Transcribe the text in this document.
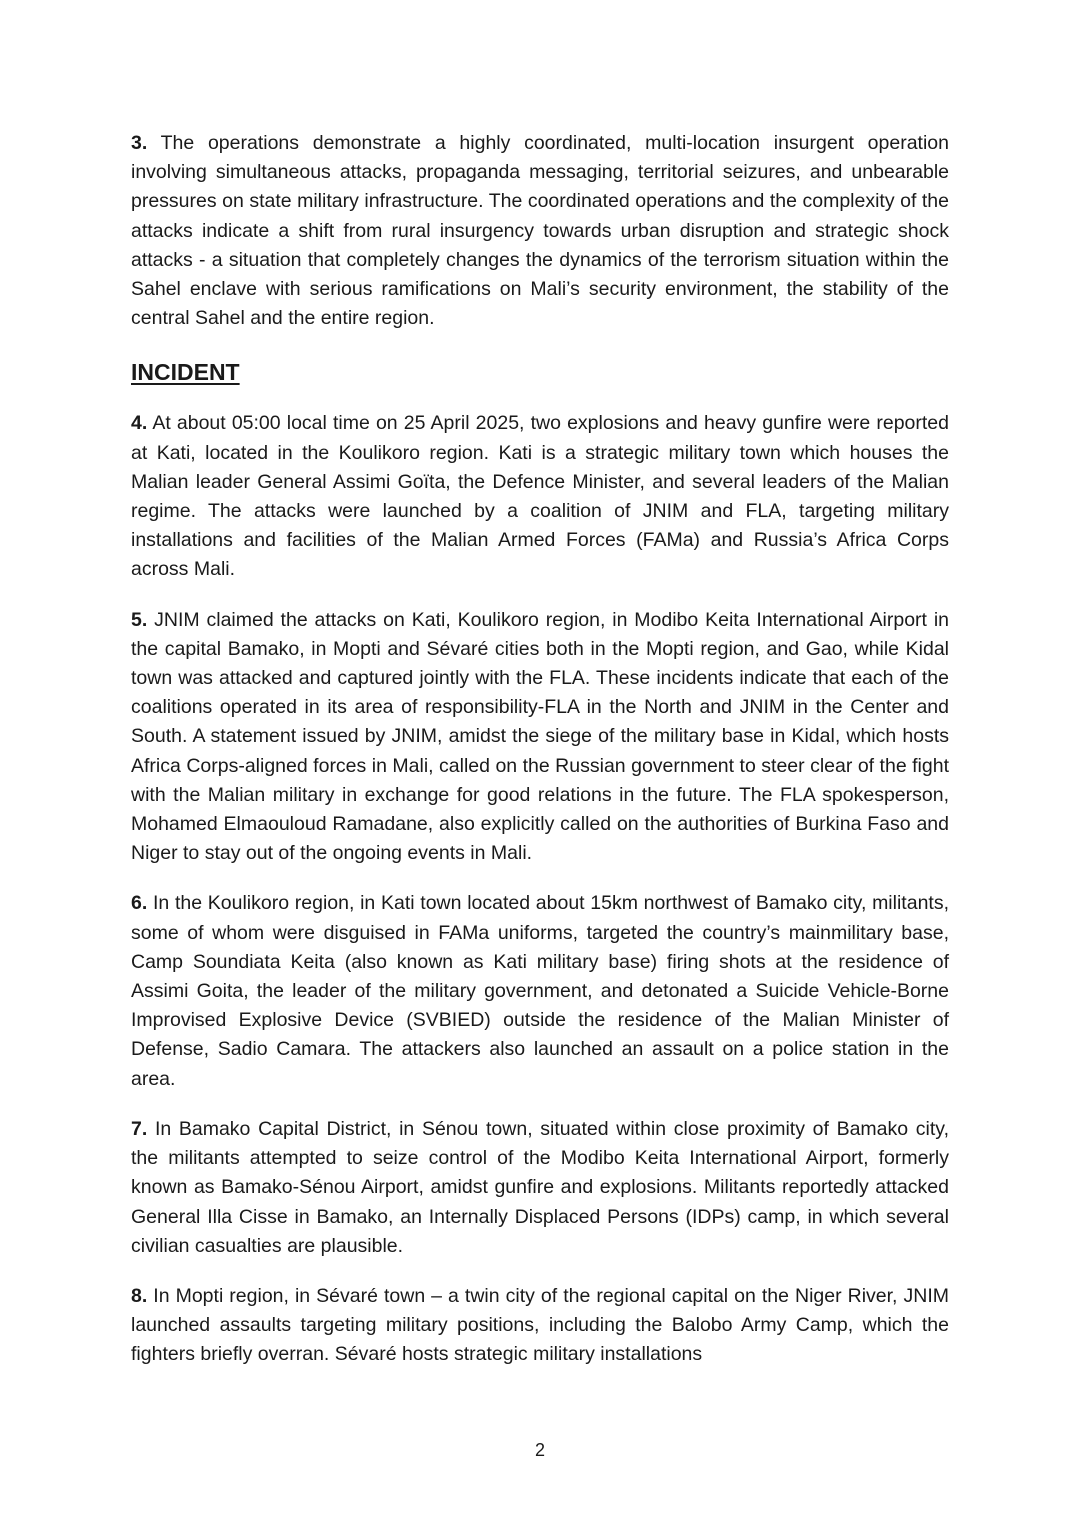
3. The operations demonstrate a highly coordinated, multi-location insurgent operation involving simultaneous attacks, propaganda messaging, territorial seizures, and unbearable pressures on state military infrastructure. The coordinated operations and the complexity of the attacks indicate a shift from rural insurgency towards urban disruption and strategic shock attacks - a situation that completely changes the dynamics of the terrorism situation within the Sahel enclave with serious ramifications on Mali’s security environment, the stability of the central Sahel and the entire region.

INCIDENT

4. At about 05:00 local time on 25 April 2025, two explosions and heavy gunfire were reported at Kati, located in the Koulikoro region. Kati is a strategic military town which houses the Malian leader General Assimi Goïta, the Defence Minister, and several leaders of the Malian regime. The attacks were launched by a coalition of JNIM and FLA, targeting military installations and facilities of the Malian Armed Forces (FAMa) and Russia’s Africa Corps across Mali.

5. JNIM claimed the attacks on Kati, Koulikoro region, in Modibo Keita International Airport in the capital Bamako, in Mopti and Sévaré cities both in the Mopti region, and Gao, while Kidal town was attacked and captured jointly with the FLA. These incidents indicate that each of the coalitions operated in its area of responsibility-FLA in the North and JNIM in the Center and South. A statement issued by JNIM, amidst the siege of the military base in Kidal, which hosts Africa Corps-aligned forces in Mali, called on the Russian government to steer clear of the fight with the Malian military in exchange for good relations in the future. The FLA spokesperson, Mohamed Elmaouloud Ramadane, also explicitly called on the authorities of Burkina Faso and Niger to stay out of the ongoing events in Mali.

6. In the Koulikoro region, in Kati town located about 15km northwest of Bamako city, militants, some of whom were disguised in FAMa uniforms, targeted the country’s mainmilitary base, Camp Soundiata Keita (also known as Kati military base) firing shots at the residence of Assimi Goita, the leader of the military government, and detonated a Suicide Vehicle-Borne Improvised Explosive Device (SVBIED) outside the residence of the Malian Minister of Defense, Sadio Camara. The attackers also launched an assault on a police station in the area.

7. In Bamako Capital District, in Sénou town, situated within close proximity of Bamako city, the militants attempted to seize control of the Modibo Keita International Airport, formerly known as Bamako-Sénou Airport, amidst gunfire and explosions. Militants reportedly attacked General Illa Cisse in Bamako, an Internally Displaced Persons (IDPs) camp, in which several civilian casualties are plausible.

8. In Mopti region, in Sévaré town – a twin city of the regional capital on the Niger River, JNIM launched assaults targeting military positions, including the Balobo Army Camp, which the fighters briefly overran. Sévaré hosts strategic military installations

2
